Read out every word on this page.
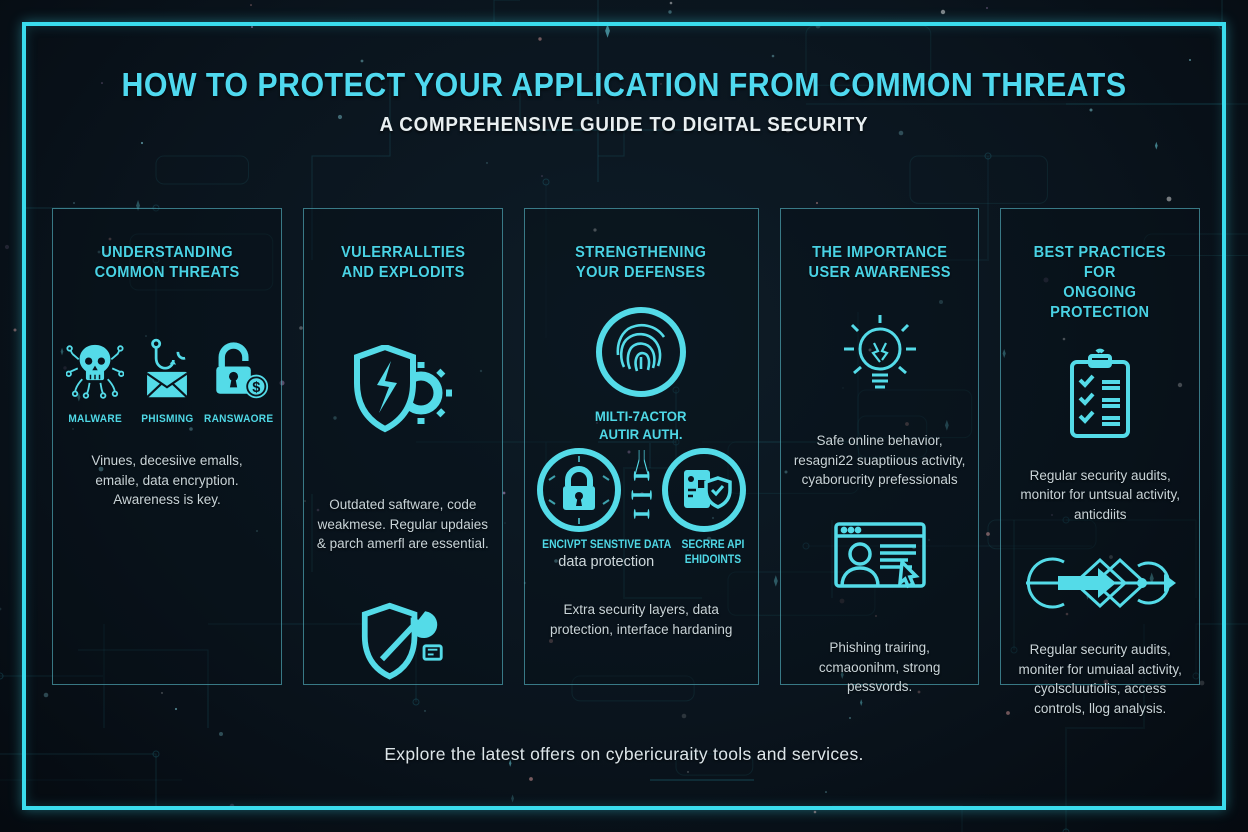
HOW TO PROTECT YOUR APPLICATION FROM COMMON THREATS
A COMPREHENSIVE GUIDE TO DIGITAL SECURITY
UNDERSTANDING
COMMON THREATS
MALWARE PHISMING
$
RANSWAORE
Vinues, decesiive emalls, emaile, data encryption. Awareness is key.
VULERRALLTIES
AND EXPLODITS
Outdated saftware, code weakmese. Regular updaies & parch amerfl are essential.
STRENGTHENING
YOUR DEFENSES
MILTI-7ACTOR
AUTIR AUTH.
ENCIVPT SENSTIVE DATA
data protection
SECRRE API
EHIDOINTS
Extra security layers, data protection, interface hardaning
THE IMPORTANCE
USER AWARENESS
Safe online behavior, resagni22 suaptiious activity, cyaborucrity prefessionals
Phishing trairing, ccmaoonihm, strong pessvords.
BEST PRACTICES FOR
ONGOING PROTECTION
Regular security audits, monitor for untsual activity, anticdiits
Regular security audits, moniter for umuiaal activity, cyolscluutiolis, access controls, llog analysis.
Explore the latest offers on cybericuraity tools and services.
